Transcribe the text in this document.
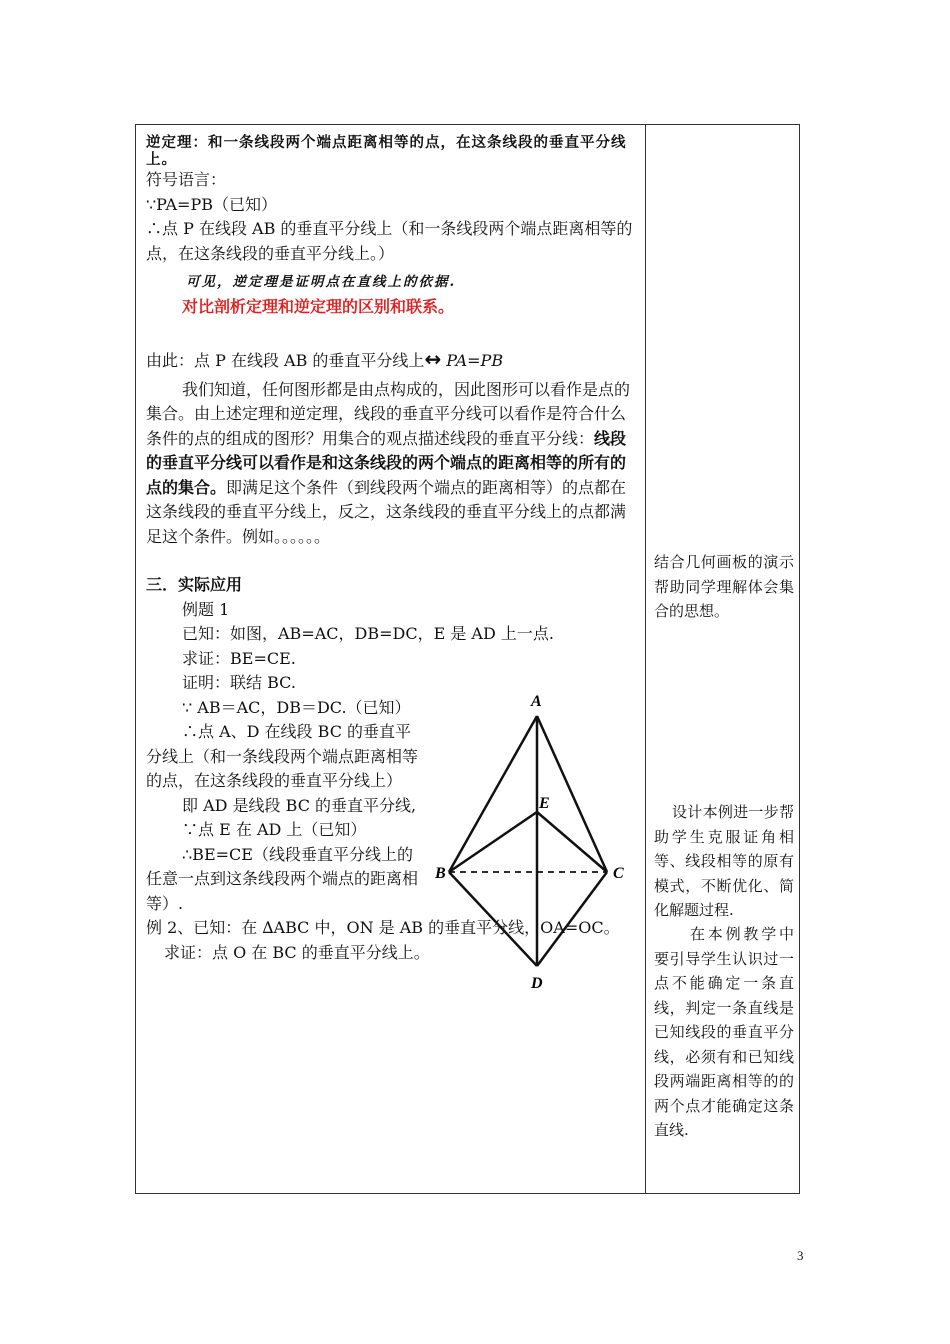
逆定理：和一条线段两个端点距离相等的点，在这条线段的垂直平分线上。

符号语言：

∵PA=PB（已知）

∴点 P 在线段 AB 的垂直平分线上（和一条线段两个端点距离相等的点，在这条线段的垂直平分线上。）

可见，逆定理是证明点在直线上的依据.

对比剖析定理和逆定理的区别和联系。

由此：点 P 在线段 AB 的垂直平分线上↔ PA=PB

我们知道，任何图形都是由点构成的，因此图形可以看作是点的集合。由上述定理和逆定理，线段的垂直平分线可以看作是符合什么条件的点的组成的图形？用集合的观点描述线段的垂直平分线：线段的垂直平分线可以看作是和这条线段的两个端点的距离相等的所有的点的集合。即满足这个条件（到线段两个端点的距离相等）的点都在这条线段的垂直平分线上，反之，这条线段的垂直平分线上的点都满足这个条件。例如。。。。。。

三．实际应用

例题 1

已知：如图，AB=AC，DB=DC，E 是 AD 上一点.

求证：BE=CE.

证明：联结 BC.

∵ AB＝AC，DB＝DC.（已知）

∴点 A、D 在线段 BC 的垂直平分线上（和一条线段两个端点距离相等的点，在这条线段的垂直平分线上）

即 AD 是线段 BC 的垂直平分线,

∵点 E 在 AD 上（已知）

∴BE=CE（线段垂直平分线上的任意一点到这条线段两个端点的距离相等）.

例 2、已知：在 ∆ABC 中，ON 是 AB 的垂直平分线，OA=OC。

求证：点 O 在 BC 的垂直平分线上。

A
B	C
D
E
结合几何画板的演示帮助同学理解体会集合的思想。
设计本例进一步帮助学生克服证角相等、线段相等的原有模式，不断优化、简化解题过程.
在本例教学中要引导学生认识过一点不能确定一条直线，判定一条直线是已知线段的垂直平分线，必须有和已知线段两端距离相等的的两个点才能确定这条直线.
3
